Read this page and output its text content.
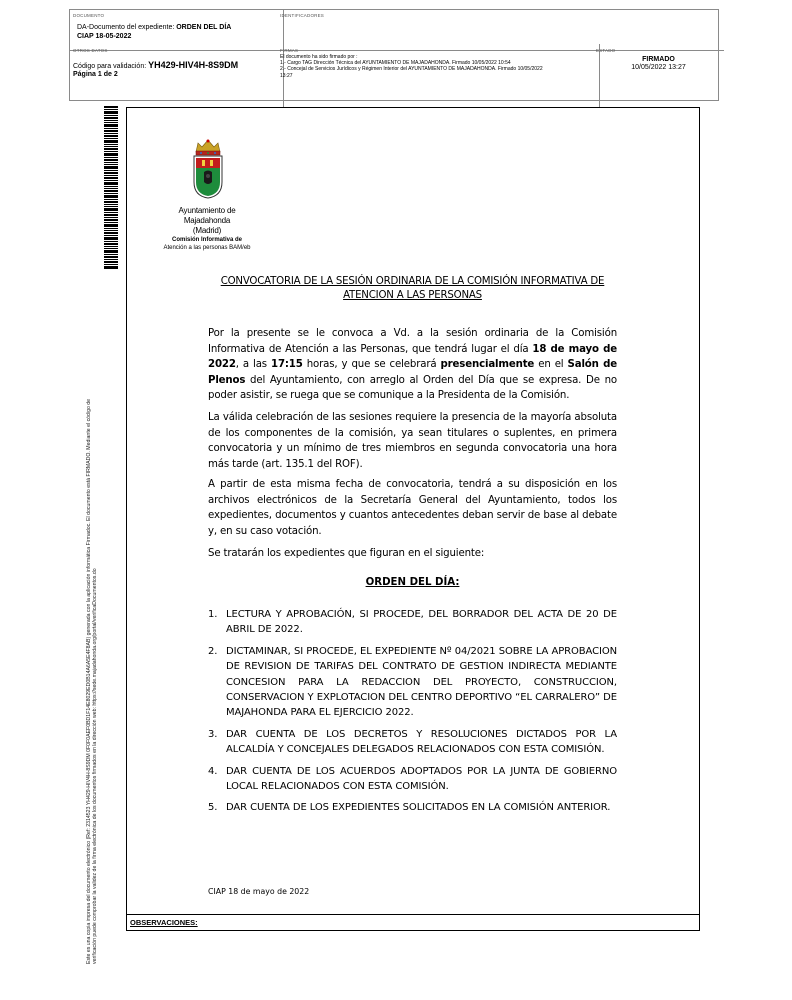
DOCUMENTO
DA-Documento del expediente: ORDEN DEL DÍA
CIAP 18-05-2022
IDENTIFICADORES
OTROS DATOS
Código para validación: YH429-HIV4H-8S9DM
Página 1 de 2
FIRMAS
El documento ha sido firmado por :
1.- Cargo TAG Dirección Técnica del AYUNTAMIENTO DE MAJADAHONDA. Firmado 10/05/2022 10:54
2.- Concejal de Servicios Jurídicos y Régimen Interior del AYUNTAMIENTO DE MAJADAHONDA. Firmado 10/05/2022
13:27
ESTADO
FIRMADO
10/05/2022 13:27
Este es una copia impresa del documento electrónico (Ref: 2314523 YH429-HIV4H-8S9DM 0F0F0AEF0BD1F14E8029ED0B14A6A5E4F8AB) generada con la aplicación informática Firmadoc. El documento está FIRMADO. Mediante el código de verificación puede comprobar la validez de la firma electrónica de los documentos firmados en la dirección web: https://sede.majadahonda.org/portal/verificaDocumentos.do	OBSERVACIONES:
Ayuntamiento de
Majadahonda
(Madrid)
Comisión Informativa de
Atención a las personas BAM/eb
CONVOCATORIA DE LA SESIÓN ORDINARIA DE LA COMISIÓN INFORMATIVA DE
ATENCION A LAS PERSONAS

Por la presente se le convoca a Vd. a la sesión ordinaria de la Comisión Informativa de Atención a las Personas, que tendrá lugar el día 18 de mayo de 2022, a las 17:15 horas, y que se celebrará presencialmente en el Salón de Plenos del Ayuntamiento, con arreglo al Orden del Día que se expresa. De no poder asistir, se ruega que se comunique a la Presidenta de la Comisión.

La válida celebración de las sesiones requiere la presencia de la mayoría absoluta de los componentes de la comisión, ya sean titulares o suplentes, en primera convocatoria y un mínimo de tres miembros en segunda convocatoria una hora más tarde (art. 135.1 del ROF).

A partir de esta misma fecha de convocatoria, tendrá a su disposición en los archivos electrónicos de la Secretaría General del Ayuntamiento, todos los expedientes, documentos y cuantos antecedentes deban servir de base al debate y, en su caso votación.

Se tratarán los expedientes que figuran en el siguiente:

ORDEN DEL DÍA:
1. LECTURA Y APROBACIÓN, SI PROCEDE, DEL BORRADOR DEL ACTA DE 20 DE ABRIL DE 2022.
2. DICTAMINAR, SI PROCEDE, EL EXPEDIENTE Nº 04/2021 SOBRE LA APROBACION DE REVISION DE TARIFAS DEL CONTRATO DE GESTION INDIRECTA MEDIANTE CONCESION PARA LA REDACCION DEL PROYECTO, CONSTRUCCION, CONSERVACION Y EXPLOTACION DEL CENTRO DEPORTIVO “EL CARRALERO” DE MAJAHONDA PARA EL EJERCICIO 2022.
3. DAR CUENTA DE LOS DECRETOS Y RESOLUCIONES DICTADOS POR LA ALCALDÍA Y CONCEJALES DELEGADOS RELACIONADOS CON ESTA COMISIÓN.
4. DAR CUENTA DE LOS ACUERDOS ADOPTADOS POR LA JUNTA DE GOBIERNO LOCAL RELACIONADOS CON ESTA COMISIÓN.
5. DAR CUENTA DE LOS EXPEDIENTES SOLICITADOS EN LA COMISIÓN ANTERIOR.
CIAP 18 de mayo de 2022
